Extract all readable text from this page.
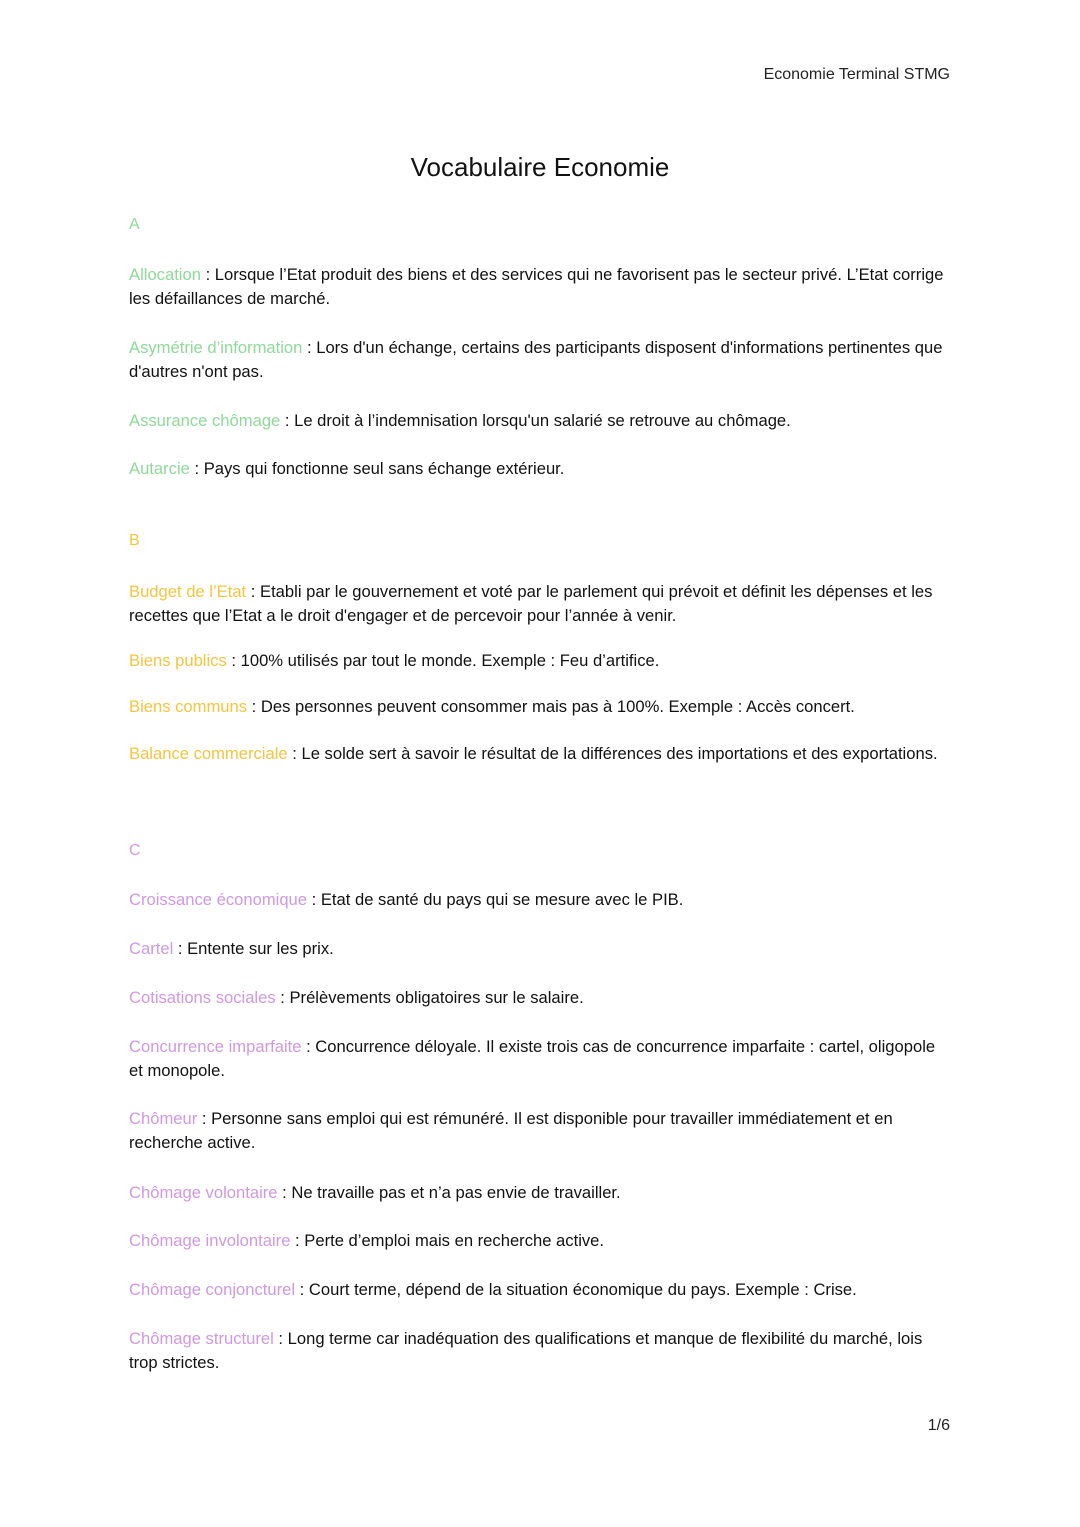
Economie Terminal STMG
Vocabulaire Economie
A
Allocation : Lorsque l’Etat produit des biens et des services qui ne favorisent pas le secteur privé. L’Etat corrige les défaillances de marché.
Asymétrie d’information : Lors d'un échange, certains des participants disposent d'informations pertinentes que d'autres n'ont pas.
Assurance chômage : Le droit à l’indemnisation lorsqu'un salarié se retrouve au chômage.
Autarcie : Pays qui fonctionne seul sans échange extérieur.
B
Budget de l’Etat : Etabli par le gouvernement et voté par le parlement qui prévoit et définit les dépenses et les recettes que l’Etat a le droit d'engager et de percevoir pour l’année à venir.
Biens publics : 100% utilisés par tout le monde. Exemple : Feu d’artifice.
Biens communs : Des personnes peuvent consommer mais pas à 100%. Exemple : Accès concert.
Balance commerciale : Le solde sert à savoir le résultat de la différences des importations et des exportations.
C
Croissance économique : Etat de santé du pays qui se mesure avec le PIB.
Cartel : Entente sur les prix.
Cotisations sociales : Prélèvements obligatoires sur le salaire.
Concurrence imparfaite : Concurrence déloyale. Il existe trois cas de concurrence imparfaite : cartel, oligopole et monopole.
Chômeur : Personne sans emploi qui est rémunéré. Il est disponible pour travailler immédiatement et en recherche active.
Chômage volontaire : Ne travaille pas et n’a pas envie de travailler.
Chômage involontaire : Perte d’emploi mais en recherche active.
Chômage conjoncturel : Court terme, dépend de la situation économique du pays. Exemple : Crise.
Chômage structurel : Long terme car inadéquation des qualifications et manque de flexibilité du marché, lois trop strictes.
1/6
